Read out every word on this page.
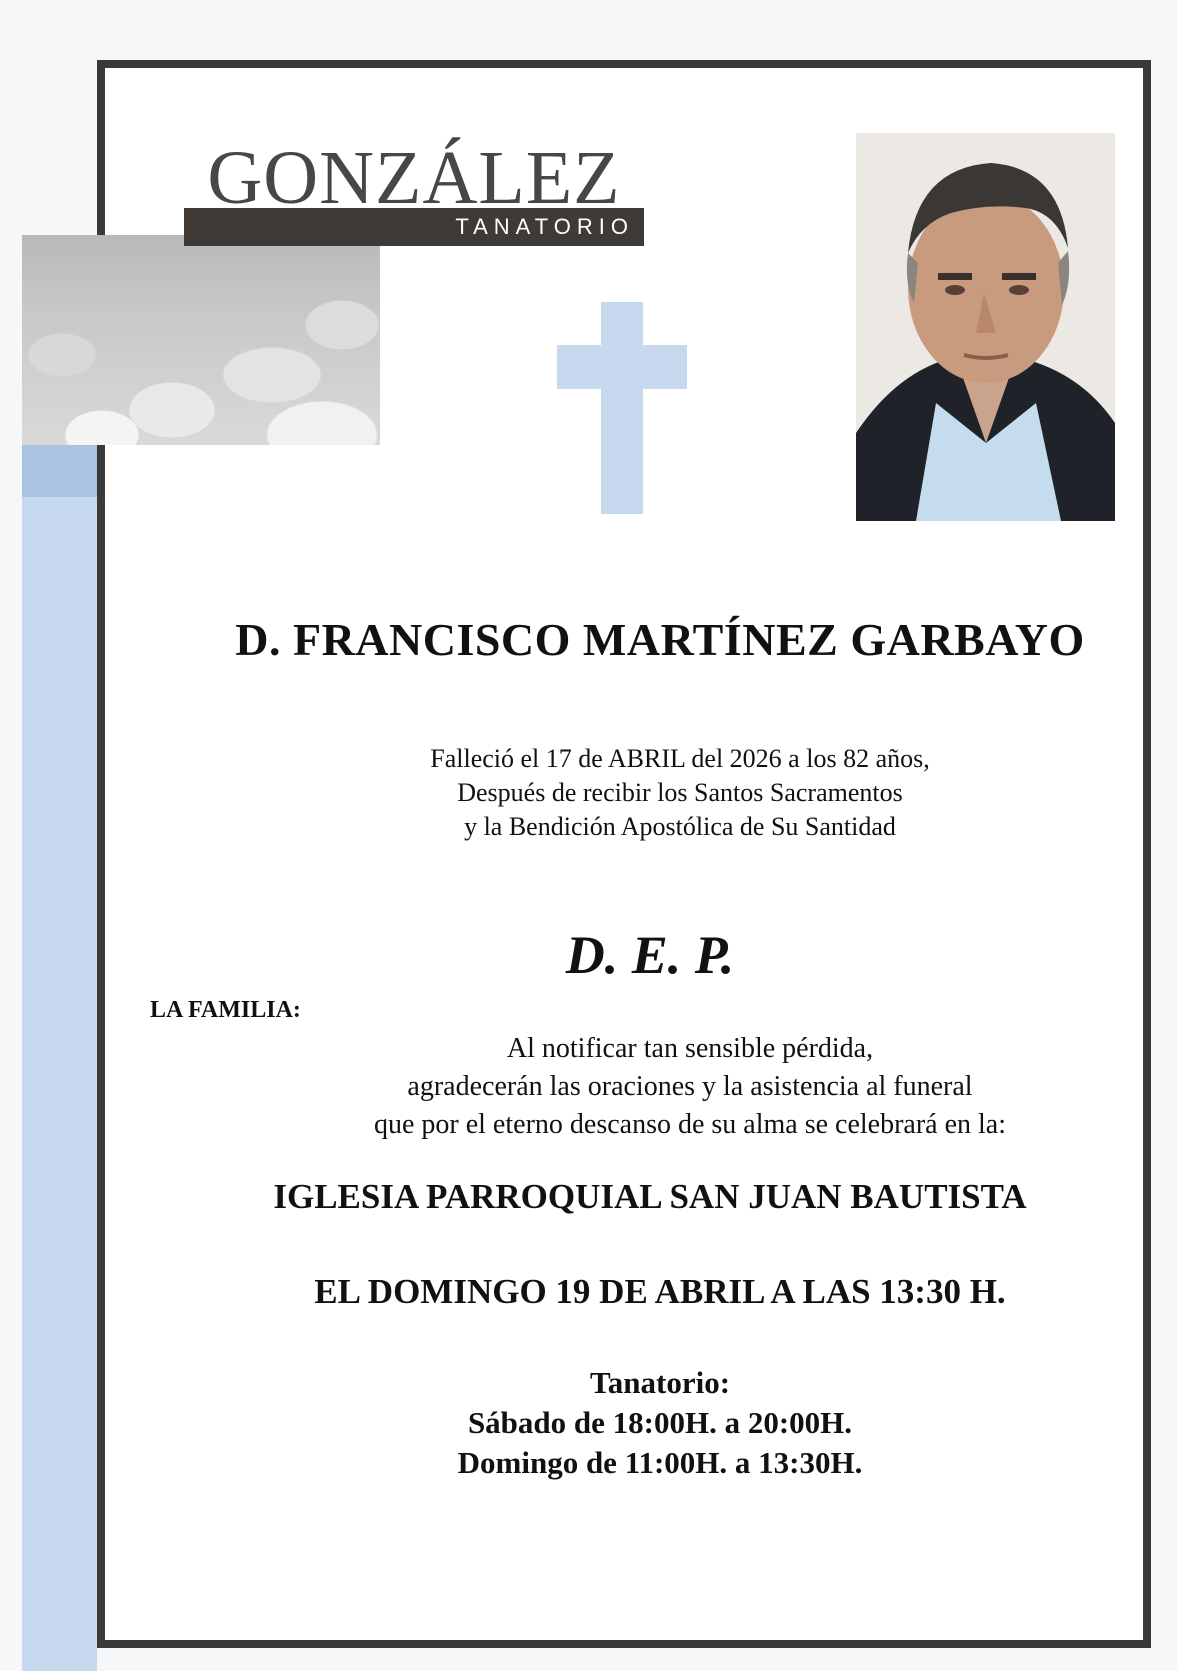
GONZÁLEZ
TANATORIO
D. FRANCISCO MARTÍNEZ GARBAYO
Falleció el 17 de ABRIL del 2026 a los 82 años,
Después de recibir los Santos Sacramentos
y la Bendición Apostólica de Su Santidad
D. E. P.
LA FAMILIA:
Al notificar tan sensible pérdida,
agradecerán las oraciones y la asistencia al funeral
que por el eterno descanso de su alma se celebrará en la:
IGLESIA PARROQUIAL SAN JUAN BAUTISTA
EL DOMINGO 19 DE ABRIL A LAS 13:30 H.
Tanatorio:
Sábado de 18:00H. a 20:00H.
Domingo de 11:00H. a 13:30H.
